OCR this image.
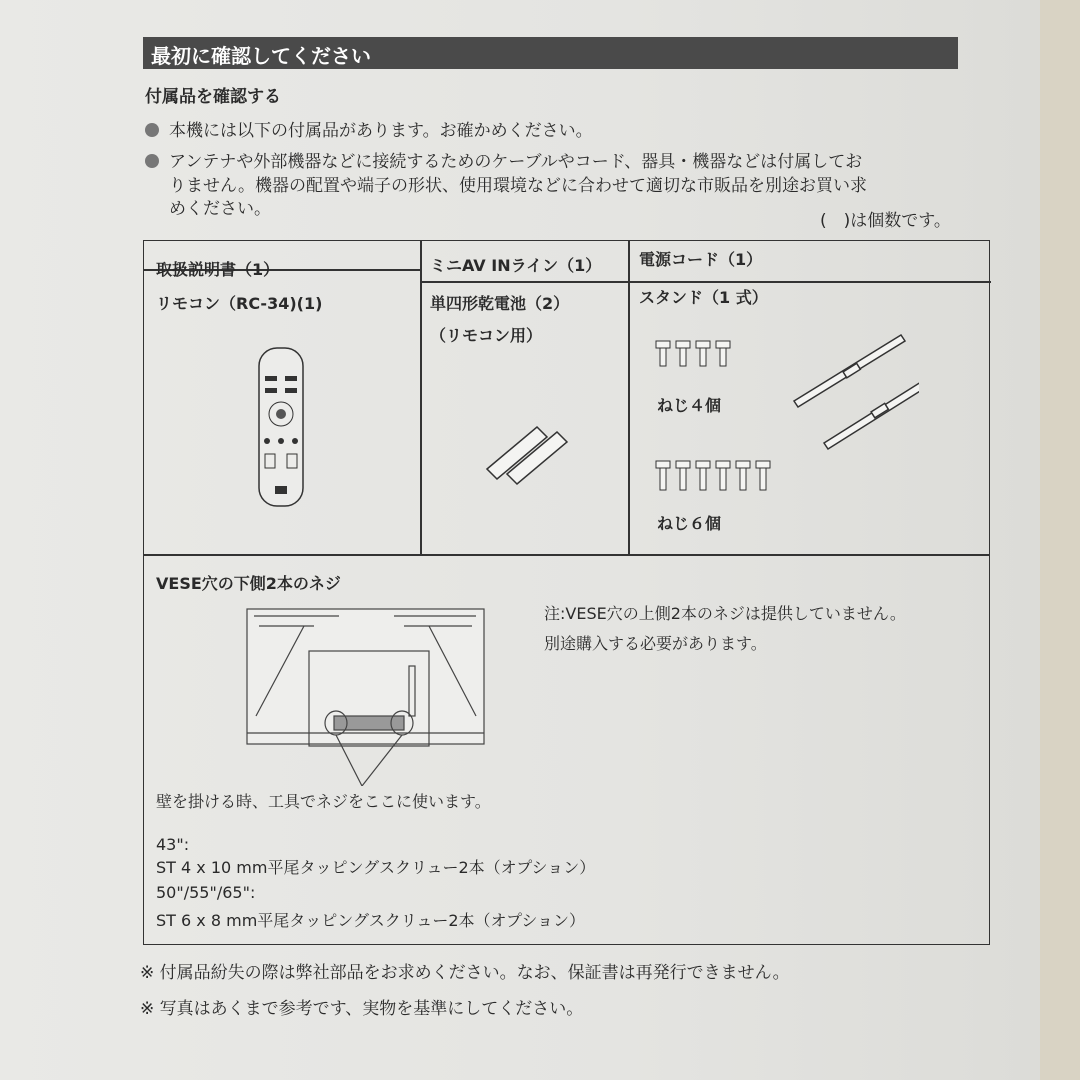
最初に確認してください
付属品を確認する
本機には以下の付属品があります。お確かめください。
アンテナや外部機器などに接続するためのケーブルやコード、器具・機器などは付属してお
りません。機器の配置や端子の形状、使用環境などに合わせて適切な市販品を別途お買い求
めください。
(　)は個数です。
取扱説明書（1）
リモコン（RC-34)(1)
ミニAV INライン（1）
単四形乾電池（2）
（リモコン用）
電源コード（1）
スタンド（1 式）
ねじ４個
ねじ６個
VESE穴の下側2本のネジ
注:VESE穴の上側2本のネジは提供していません。
別途購入する必要があります。
壁を掛ける時、工具でネジをここに使います。
43":
ST 4 x 10 mm平尾タッピングスクリュー2本（オプション）
50"/55"/65":
ST 6 x 8 mm平尾タッピングスクリュー2本（オプション）
※ 付属品紛失の際は弊社部品をお求めください。なお、保証書は再発行できません。
※ 写真はあくまで参考です、実物を基準にしてください。
